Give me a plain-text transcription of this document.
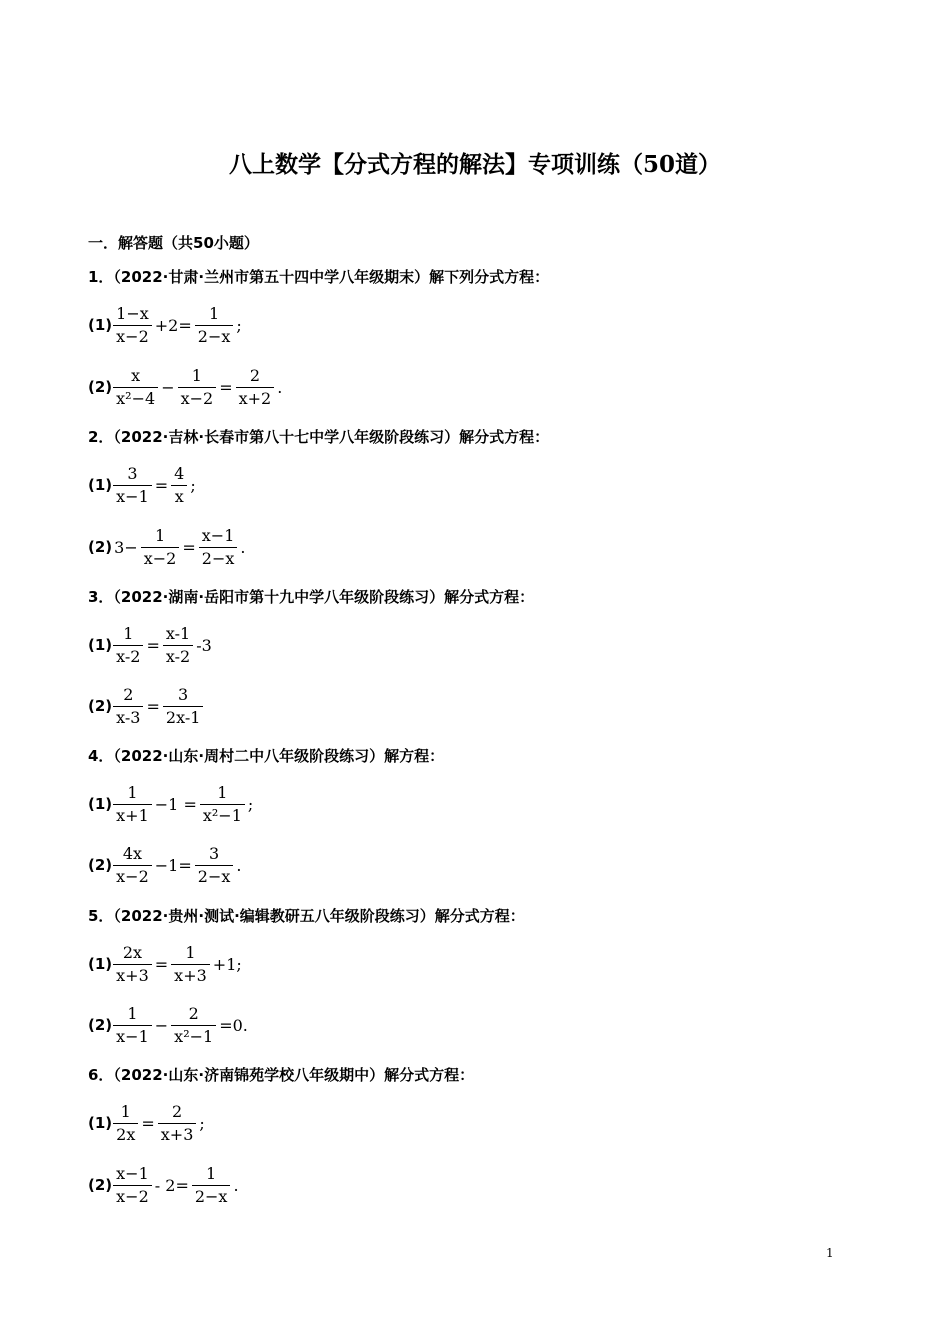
八上数学【分式方程的解法】专项训练（50道）
一．解答题（共50小题）
1．（2022·甘肃·兰州市第五十四中学八年级期末）解下列分式方程：
$(1) \frac{1-x}{x-2} +2= \frac{1}{2-x}$ ;
$(2) \frac{x}{\text{x²−4}} - \frac{1}{x-2} = \frac{2}{x+2}$ .
2．（2022·吉林·长春市第八十七中学八年级阶段练习）解分式方程：
$(1) \frac{3}{x-1} = \frac{4}{x}$ ;
(2) $3- \frac{1}{x-2} = \frac{x-1}{2-x}$ .
3．（2022·湖南·岳阳市第十九中学八年级阶段练习）解分式方程：
$(1) \frac{1}{x-2} = \frac{x-1}{x-2} -3$
$(2) \frac{2}{x-3} = \frac{3}{2x-1}$
4．（2022·山东·周村二中八年级阶段练习）解方程：
$(1) \frac{1}{x+1} -1 = \frac{1}{\text{x²−1}}$ ;
$(2) \frac{4x}{x-2} -1= \frac{3}{2-x}$ .
5．（2022·贵州·测试·编辑教研五八年级阶段练习）解分式方程：
$(1) \frac{2x}{x+3} = \frac{1}{x+3} +1$;
$(2) \frac{1}{x-1} - \frac{2}{\text{x²−1}} =0$.
6．（2022·山东·济南锦苑学校八年级期中）解分式方程：
$(1) \frac{1}{2x} = \frac{2}{x+3}$ ;
$(2) \frac{x-1}{x-2} - 2= \frac{1}{2-x}$ .
1
